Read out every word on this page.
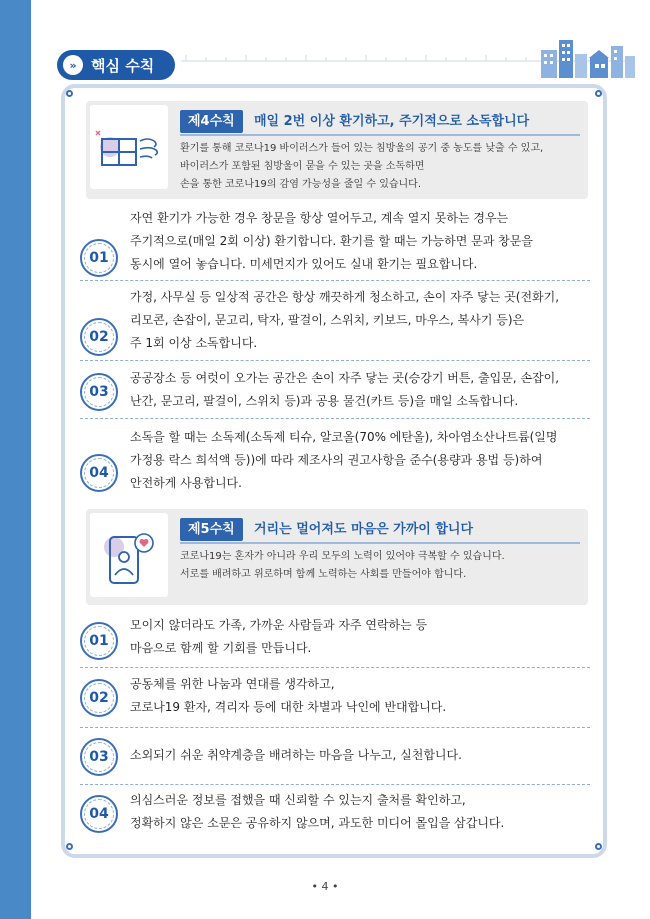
» 핵심 수칙
제4수칙	매일 2번 이상 환기하고, 주기적으로 소독합니다
환기를 통해 코로나19 바이러스가 들어 있는 침방울의 공기 중 농도를 낮출 수 있고,
바이러스가 포함된 침방울이 묻을 수 있는 곳을 소독하면
손을 통한 코로나19의 감염 가능성을 줄일 수 있습니다.
01
자연 환기가 가능한 경우 창문을 항상 열어두고, 계속 열지 못하는 경우는
주기적으로(매일 2회 이상) 환기합니다. 환기를 할 때는 가능하면 문과 창문을
동시에 열어 놓습니다. 미세먼지가 있어도 실내 환기는 필요합니다.
02
가정, 사무실 등 일상적 공간은 항상 깨끗하게 청소하고, 손이 자주 닿는 곳(전화기,
리모콘, 손잡이, 문고리, 탁자, 팔걸이, 스위치, 키보드, 마우스, 복사기 등)은
주 1회 이상 소독합니다.
03
공공장소 등 여럿이 오가는 공간은 손이 자주 닿는 곳(승강기 버튼, 출입문, 손잡이,
난간, 문고리, 팔걸이, 스위치 등)과 공용 물건(카트 등)을 매일 소독합니다.
04
소독을 할 때는 소독제(소독제 티슈, 알코올(70% 에탄올), 차아염소산나트륨(일명
가정용 락스 희석액 등))에 따라 제조사의 권고사항을 준수(용량과 용법 등)하여
안전하게 사용합니다.
제5수칙	거리는 멀어져도 마음은 가까이 합니다
코로나19는 혼자가 아니라 우리 모두의 노력이 있어야 극복할 수 있습니다.
서로를 배려하고 위로하며 함께 노력하는 사회를 만들어야 합니다.
01
모이지 않더라도 가족, 가까운 사람들과 자주 연락하는 등
마음으로 함께 할 기회를 만듭니다.
02
공동체를 위한 나눔과 연대를 생각하고,
코로나19 환자, 격리자 등에 대한 차별과 낙인에 반대합니다.
03 소외되기 쉬운 취약계층을 배려하는 마음을 나누고, 실천합니다.
04
의심스러운 정보를 접했을 때 신뢰할 수 있는지 출처를 확인하고,
정확하지 않은 소문은 공유하지 않으며, 과도한 미디어 몰입을 삼갑니다.
• 4 •
